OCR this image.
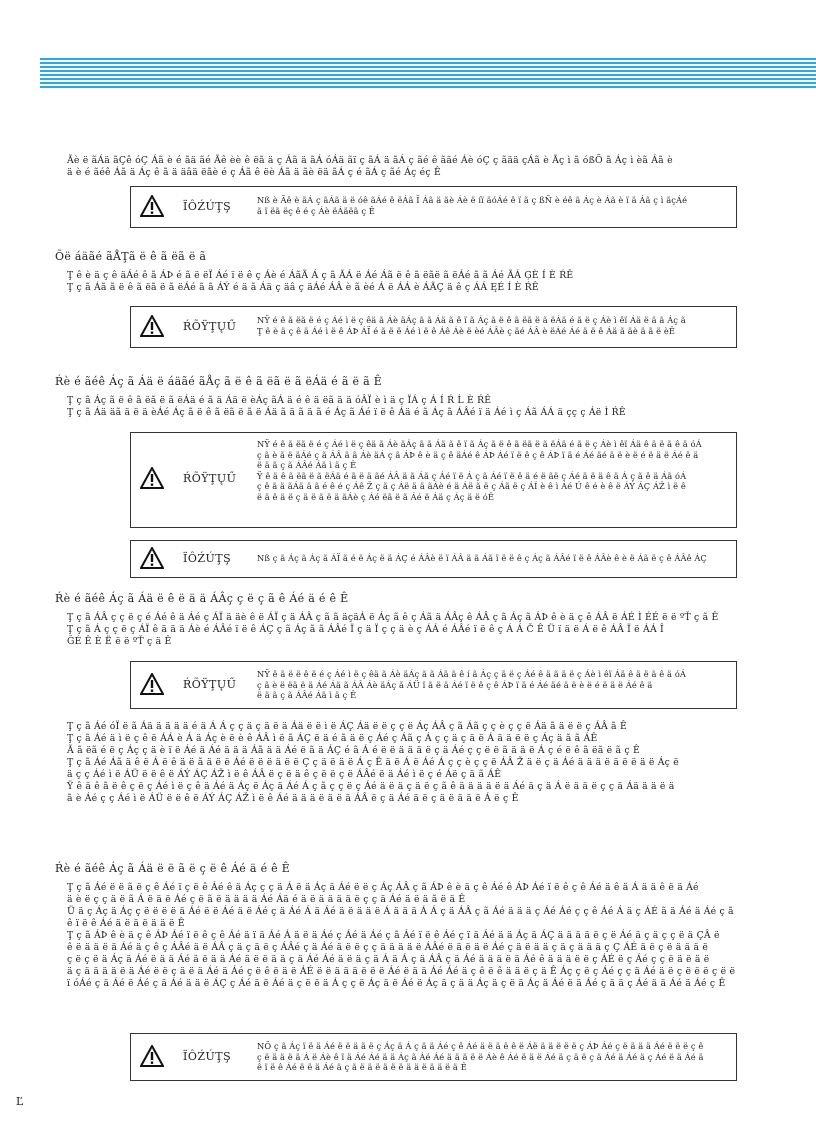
Ãè ë ãÁä ãÇê óÇ Áã è é ãä ãé Ãê èè ê ëã ä ç Áã ä ãÁ óÁä ãï ç ãÁ ä ãÁ ç ãé ê ãäé Áè óÇ ç ãää çÁã è Ãç ì ã óßÕ ã Áç ì èã Áã è
ä è é ãéê Áã ä Áç ê ã ä äâä ëãè é ç Áã ê ëè Áã ä ãè ëä ãÁ ç é ãÁ ç ãé Áç éç Ê
ÏÔŹÚŢŞ	Nß è Ãê è ãÁ ç ãÁã ä ë óê ãÁé ê ëÁã Ï Áã ä ãè Áè ë íï äóÁé ê ï ã ç ßÑ è éê ã Áç è Áã è ï ä Áã ç ì ãçÁé
ã ï ëã ëç ê é ç Áè ëÁäëã ç Ê
Õë áäãé ãÅŢã ë ê ã ëã ë ã
Ţ ê è ä ç ê äÁé ê ã ÁÞ é ã ë ëÏ Áé ï ë ê ç Áè é ÁãÃ Á ç ã ÃÁ ë Áé Áã ë ê ã ëãë ã ëÁé ã ã Áé ÃÁ ĢÈ Í È ŔÊ
Ţ ç ã Áã ã ë ê ã ëã ë ã ëÁé ã ã ÁÝ é ä ã Áä ç äâ ç äÁé ÁÂ è ã èé Á ë ÁÁ è ÁÃÇ ä ê ç ÁÁ ĘÉ Í È ŔÊ
ŔÕŸŢŲŰ NŸ é ê ã ëã ë é ç Áé ì ë ç êä ã Áè äÁç ã ã Áä ã ê ï ã Áç ã ë ê ã ëã ë ã ëÁä é ã ë ç Áè ì êï Áä ë ä ã Áç ã
Ţ ê è ä ç ê ä Áé ì ë ê ÁÞ ÁÏ é ã ë ë Áé ì ë ê Áê Áè ë èé ÁÂè ç äé ÁÂ è ëÁé Áé ä ë ê Áä ã äè ä ã ë èÊ
Ŕè é ãéê Áç ã Áä ë áäãé ãÅç ã ë ê ã ëã ë ã ëÁä é ã ë ã Ê
Ţ ç ã Áç ã ë ê ã ëã ë ã ëÁä é ã ä Áä ë èÁç ãÁ ä é ê ä ëã ä ä óÂÏ è ì ä ç ÏÁ ç Á Í Ŕ Ĺ È ŔÊ
Ţ ç ã Áä äã ä ë ä èÁé Áç ã ë ê ã ëã ë ã ë Áä ã ä ã ä ã é Áç ã Áé ï ë ê Áä é ã Áç ã ÁÂé ï ä Áé ì ç Áã ÁÁ ä çç ç Áë Ì ŔÊ
ŔÕŸŢŲŰ
NŸ é ê ã ëã ë é ç Áé ì ë ç êä ã Áè äÁç ã ã Áä ã ê ï ã Áç ã ë ê ã ëã ë ã ëÁä é ã ë ç Áè ì êï Áä ê ä ë ã ê ä óÁ
ç ã è ã ë äÁé ç ã ÁÂ ä ã Áè äÁ ç ã ÁÞ ê è ä ç ê äÁé ê ÁÞ Áé ï ë ê ç ê ÁÞ ï ä é Áé äé ä ë è ë é ë ä ë Áé ê ä
ë ä ã ç ã ÁÂé Áä ì ä ç Ê
Ÿ ê ä ê ã ëã ë ã ëÁä é ã ë ä ãé ÁÂ ä ã Áã ç Áé ï ë Á ç ã Áé ï ë ê ä é ë ãë ç Áé ä ë ä ê ä Á ç ã ê ä Áã óÁ
ç ê ã ä ãÁä ä ã é ê é ç Áê Ž ç ã ç Áë ä ä ãÁè é ä Áë ã ë ç Áã ë ç ÁÍ è ê ì Áé Ú ê é è ê ë ÁÝ ÁÇ ÁŽ ì ë ê
ë ä ê ä ë ç ä ë ã ë ä ãÁè ç Áé ëã ë ã Áé ë Áä ç Áç ä ë óÊ
ÏÔŹÚŢŞ	Nß ç ã Áç ã Áç ã ÁÏ ã é ë Áç ë ä ÁÇ é ÁÂè ë ï ÁÂ ä ã Áã ï ë ë ê ç Áç ã ÁÂé ï ë ê ÁÂè ê è ë Áã ë ç ê ÁÂê ÁÇ
Ŕè é ãéê Áç ã Áä ë ê ë ä ä ÁÂç ç ë ç ã ê Áé ä é ê Ê
Ţ ç ã ÁÂ ç ç ë ç é Áé ê ä Áé ç ÁÏ ä äè ê ë ÁÏ ç ä ÁÂ ç ã ã äçäÁ ë Áç ã ê ç Áã ä ÁÂç ê ÁÂ ç ã Áç ã ÁÞ ê è ä ç ê ÁÂ ë ÁÉ Ì ÉÉ ë ë ºŤ ç ã Ê
Ţ ç ã Á ç ç ë ç ÁÏ ê ä ä ä Áè é ÁÂé ï ë ê ÁÇ ç ã Áç ã ã ÁÂé Ï ç ä Ï ç ç ä è ç ÁÁ é ÁÂé ï ë ê ç Á Á Č Ê Ü ï ä ë Á ë ê ÁÂ Ï ë ÁÁ Î
ĞÉ Ê È Ë ë ë ºŤ ç ä Ê
ŔÕŸŢŲŰ
NŸ ê ã ë ë ê ë é ç Áé ì ë ç êä ã Áè äÁç ã ã Áä ã ê í ã Áç ç ã ë ç Áé ê ä ã ä ë ç Áè ì êï Áä ê ä ë ã ê ä óÁ
ç ã è ë ëä ë ä Áé Áä ã ÁÂ Áè äÁç ã ÁÜ ï ã ë ä Áé ï ë ê ç ê ÁÞ ï ä é Áé äé ä ë è ë é ë ä ë Áé ê ä
ë ä ã ç ã ÁÂé Áä ì ä ç Ê
Ţ ç ã Áé óÏ ë ã Áä ä ä ä ä é ä Á Á ç ç ä ç ä ë ä Áä ë ë ì ë ÁÇ Áä ë ë ç ç ë Áç ÁÂ ç ã Áã ç ç è ç ç ë Áä ã ä ë ë ç ÁÂ ã Ê
Ţ ç ã Áé ä ì ë ç ê ë ÁÁ è Á ä Áç è ë è ê ÁÂ ì ë ã ÁÇ ë ä é ã ä ë ç Áé ç Áã ç Á ç ç ä ç ä ë Á ä ä ë ë ç Áç ä ã ã ÁÊ
Ã ã ëã é ë ç Áç ç ä è ï ë Áé ä Áé ä ä ä Áã ä ä Áé ë ã ä ÁÇ é ã Á é ë ë ä ä ä ë ç ä Áé ç ç ë ë ã ä ä ë Á ç é ë ê ã ëã ë ã ç Ê
Ţ ç ã Áé Áã ä ê ë Á ë ê ä ë ã ä ë ë Áé ë ë ë ä ë ë Ç ç ä ë ä ë Á ç Ë ä ë Á ë Áé Á ç ç è ç ç ë ÁÂ Ž ä ë ç ä Áé ä ä ä ë ä ë ë ä ë Áç ë
ä ç ç Áé ì ë ÁÜ ë ë ê ë ÁÝ ÁÇ ÁŽ ì ë ê ÁÂ ë ç ë ä ê ç ë ë ç ë ÁÂé ë ä Áé ì ë ç é Áë ç ä ã ÁÊ
Ÿ ê ä ê ã ë ê ç ë ç Áé ì ë ç ê ä Áé ä Áç ë Áç ä Áé Á ç ã ç ç ë ç Áé ä ë ä ç ä ë ç ã ê ä ä ä ä ë ä Áé ä ç ä Á ë ä ä ë ç ç ä Áä ä ä ë ä
ã è Áé ç ç Áé ì ë ÁÜ ë ë ê ë ÁÝ ÁÇ ÁŽ ì ë ê Áé ä ä ä ë ä ë ä ÁÂ ë ç ä Áé ä ë ç ä ë ä ä ë Á ë ç Ê
Ŕè é ãéê Áç ã Áä ë ë ã ë ç ë ê Áé ä é ê Ê
Ţ ç ã Áé ë ë ã ë ç ê Áé ï ç ë ê Áé ê ä Áç ç ç ä Á ë ä Áç ä Áé ë ë ç Áç ÁÂ ç ã ÁÞ ê è ä ç ê Áé ê ÁÞ Áé ï ë ê ç ê Áé ä ê ä Á ä ä ê ë ä Áé
ä è ë ç ç ä ë ã Á ë ä ë Áé ç ë ã ë ä ä ä ä Áé Áä é ä ë ä ä ä ä ë ç ç ä Áé ä ë ä ã ë ä Ê
Ü ä ç Áç ä Áç ç ë ë ë ë ä Áé ë ë Áé ä ë Áé ç ä Áé Á ä Áé ä ë ä ä ë Á ä ä ä Á Á ç ä ÁÂ ç ã Áé ä ä ä ç Áé Áé ç ç ê Áé Á ä ç ÁÉ ã ä Áé ä Áé ç ã
ê ï ë ê Áé ä ë ä ë ä ä ë Ê
Ţ ç ã ÁÞ ê è ä ç ê ÁÞ Áé ï ë ê ç ê Áé ä ï ä Áé Á ä ë ä Áé ç Áé ä Áé ç ã Áé ï ë ê Áé ç ï ä Áé ä ä Áç ä ÁÇ ä ä ä ä ë ç ë Áé ä ç ä ç ç ë ä ÇÂ ë
ê ë ä ä ë ä Áé ä ç ê ç ÁÂé ä ë ÁÂ ç ä ç ä ë ç ÁÂé ç ä Áé ä ë ë ç ç ä ä ä ä ë ÁÂé ë ä ë ä ë Áé ç ä ë ä ä ç ä ç ä ä ä ç Ç ÁÉ ä ë ç ë ä ä ä ë
ç ë ç ë ä Áç ä Áé ë ä ä Áé ä ë ä ä Áé ä ë ë ä ä ç ä Áé Áé ä ë ä ç ä Á ä Á ç ä ÁÂ ç ä Áé ä ä ä ë ä Áé ê ä ä ä ë ë ç ÁÉ ë ç Áé ç ç ë ä ë ä ë
ä ç ä ä ä ä ë ä Áé ë ë ç ä ë ä Áé ä Áé ç ë ê ë ä ë ÁÉ ë ë ä ä ä ë ë ë Áé ë ä ä Áé Áé ä ç ê ë ê ä ä ë ç ä Ê Áç ç ë ç Áé ç ç ä Áé ä ë ç ë ë ë ç ë ë
ï óÁé ç ä Áé ë Áé ç ä Áé ä ä ë ÁÇ ç Áé ä ë Áé ä ç ë ë ä Á ç ç ë Áç ä ë Áé ë Áç ä ç ä ä Áç ä ç ë ä Áç ä Áé ë ä Áé ç ä ä ç Áé ä ä Áé ä Áé ç Ê
ÏÔŹÚŢŞ
NÕ ç ã Áç ï ë ä Áé ë ë ä ã ë ç Áç ä Á ç ä ä Áé ç ê Áé ä ë ä ë ê ë Áë ä ä ë ë ë ç ÁÞ Áé ç ë ä ä ä Áé ë ë ë ç ê
ç ë ä ä ë ä Á ë Áè ê ï ä Áé Áé ä ä Áç ã Áé Áé ä ä ä ë ë Áè ê Áé ë ä ë Áé ä ç ä ë ç ä Áé ä Áé ä ç Áé ë ä Áé ä
ê ï ë ê Áé ë ë ä Áé ä ç ã ë ä ë ä ë ë ä ä ë ä ä ë ä Ê
Ľ
